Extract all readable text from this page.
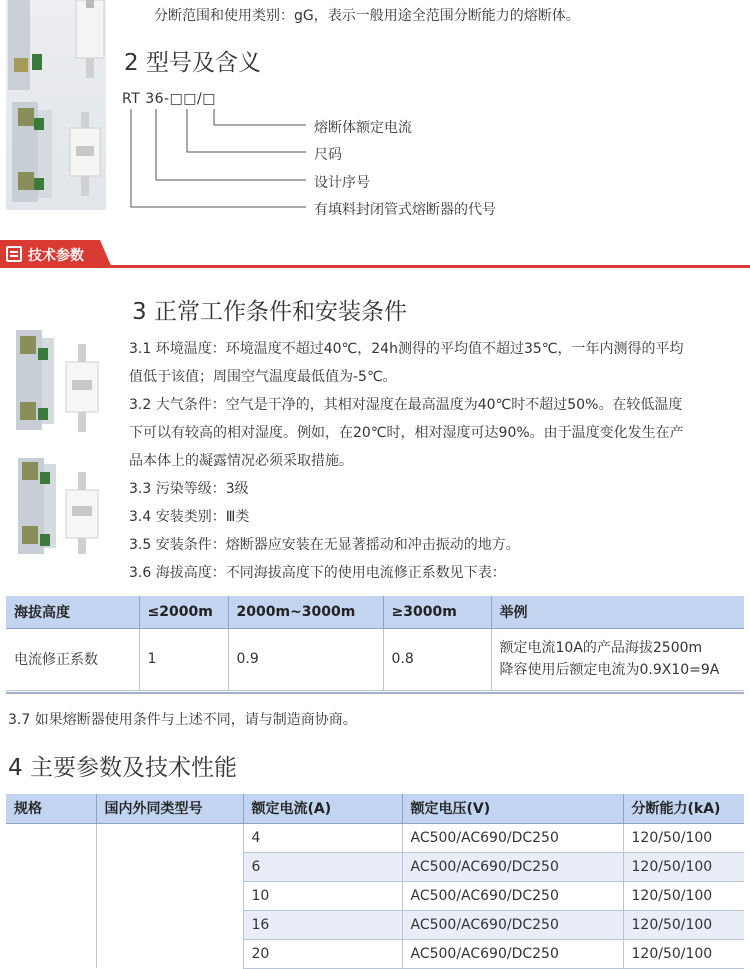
分断范围和使用类别：gG，表示一般用途全范围分断能力的熔断体。
2 型号及含义
RT 36-□□/□
熔断体额定电流
尺码
设计序号
有填料封闭管式熔断器的代号
技术参数
3 正常工作条件和安装条件
3.1 环境温度：环境温度不超过40℃，24h测得的平均值不超过35℃，一年内测得的平均
值低于该值；周围空气温度最低值为-5℃。
3.2 大气条件：空气是干净的，其相对湿度在最高温度为40℃时不超过50%。在较低温度
下可以有较高的相对湿度。例如，在20℃时，相对湿度可达90%。由于温度变化发生在产
品本体上的凝露情况必须采取措施。
3.3 污染等级：3级
3.4 安装类别：Ⅲ类
3.5 安装条件：熔断器应安装在无显著摇动和冲击振动的地方。
3.6 海拔高度：不同海拔高度下的使用电流修正系数见下表：
海拔高度	≤2000m	2000m~3000m	≥3000m	举例
电流修正系数	1	0.9	0.8	额定电流10A的产品海拔2500m
降容使用后额定电流为0.9X10=9A
3.7 如果熔断器使用条件与上述不同，请与制造商协商。
4 主要参数及技术性能
规格	国内外同类型号	额定电流(A)	额定电压(V)	分断能力(kA)
		4	AC500/AC690/DC250	120/50/100
		6	AC500/AC690/DC250	120/50/100
		10	AC500/AC690/DC250	120/50/100
		16	AC500/AC690/DC250	120/50/100
		20	AC500/AC690/DC250	120/50/100
